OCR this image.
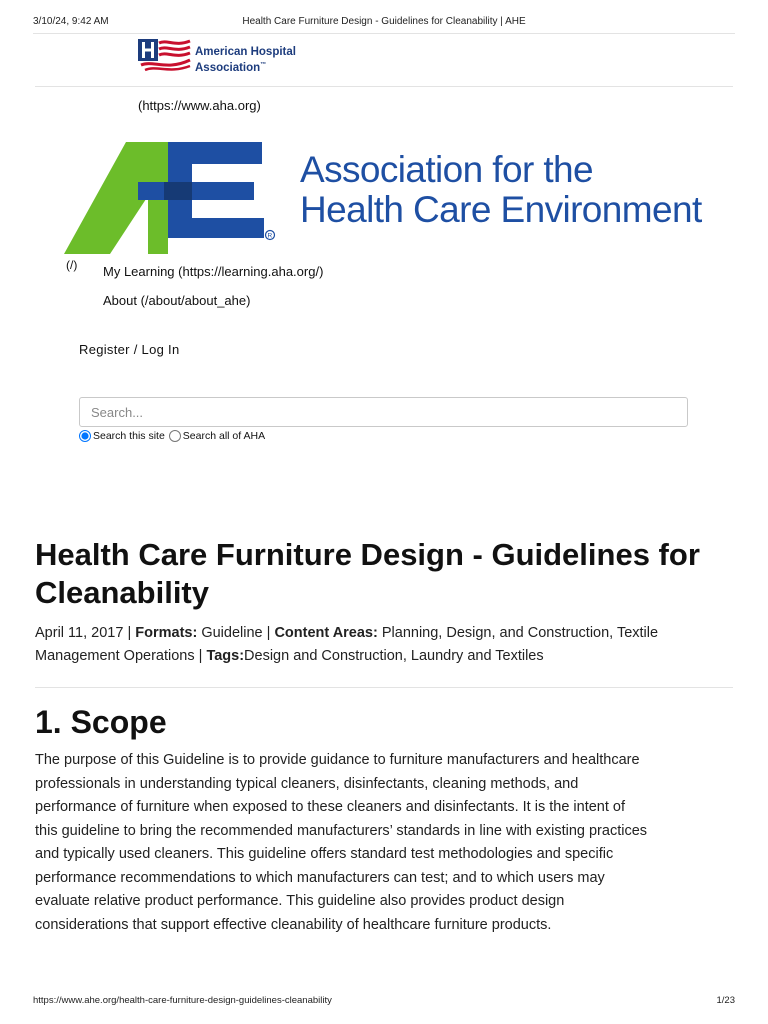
3/10/24, 9:42 AM	Health Care Furniture Design - Guidelines for Cleanability | AHE
American Hospital
Association™
(https://www.aha.org)
R
Association for the
Health Care Environment
(/) My Learning (https://learning.aha.org/)
About (/about/about_ahe)
Register / Log In
Search...
Search this site Search all of AHA
Health Care Furniture Design - Guidelines for Cleanability
April 11, 2017 | Formats: Guideline | Content Areas: Planning, Design, and Construction, Textile Management Operations | Tags:Design and Construction, Laundry and Textiles
1. Scope

The purpose of this Guideline is to provide guidance to furniture manufacturers and healthcare professionals in understanding typical cleaners, disinfectants, cleaning methods, and performance of furniture when exposed to these cleaners and disinfectants. It is the intent of this guideline to bring the recommended manufacturers’ standards in line with existing practices and typically used cleaners. This guideline offers standard test methodologies and specific performance recommendations to which manufacturers can test; and to which users may evaluate relative product performance. This guideline also provides product design considerations that support effective cleanability of healthcare furniture products.

https://www.ahe.org/health-care-furniture-design-guidelines-cleanability	1/23
